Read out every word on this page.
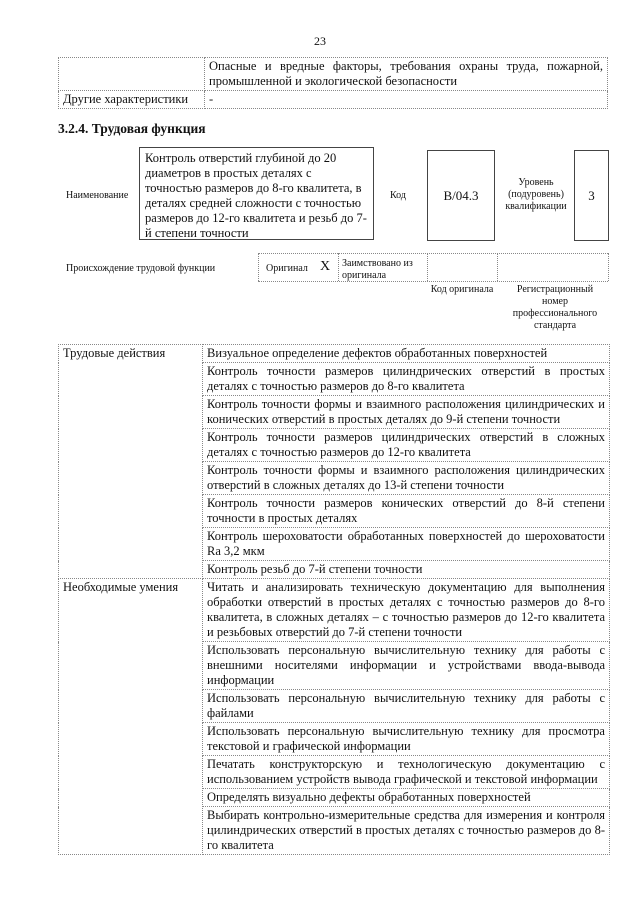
23
	Опасные и вредные факторы, требования охраны труда, пожарной, промышленной и экологической безопасности
Другие характеристики	-
3.2.4. Трудовая функция
Наименование
Контроль отверстий глубиной до 20 диаметров в простых деталях с точностью размеров до 8-го квалитета, в деталях средней сложности с точностью размеров до 12-го квалитета и резьб до 7-й степени точности
Код	В/04.3
Уровень (подуровень) квалификации
3
Происхождение трудовой функции	Оригинал X Заимствовано из оригинала
Код оригинала	Регистрационный номер профессионального стандарта
Трудовые действия	Визуальное определение дефектов обработанных поверхностей
	Контроль точности размеров цилиндрических отверстий в простых деталях с точностью размеров до 8-го квалитета
	Контроль точности формы и взаимного расположения цилиндрических и конических отверстий в простых деталях до 9-й степени точности
	Контроль точности размеров цилиндрических отверстий в сложных деталях с точностью размеров до 12-го квалитета
	Контроль точности формы и взаимного расположения цилиндрических отверстий в сложных деталях до 13-й степени точности
	Контроль точности размеров конических отверстий до 8-й степени точности в простых деталях
	Контроль шероховатости обработанных поверхностей до шероховатости Ra 3,2 мкм
	Контроль резьб до 7-й степени точности
Необходимые умения	Читать и анализировать техническую документацию для выполнения обработки отверстий в простых деталях с точностью размеров до 8-го квалитета, в сложных деталях – с точностью размеров до 12-го квалитета и резьбовых отверстий до 7-й степени точности
	Использовать персональную вычислительную технику для работы с внешними носителями информации и устройствами ввода-вывода информации
	Использовать персональную вычислительную технику для работы с файлами
	Использовать персональную вычислительную технику для просмотра текстовой и графической информации
	Печатать конструкторскую и технологическую документацию с использованием устройств вывода графической и текстовой информации
	Определять визуально дефекты обработанных поверхностей
	Выбирать контрольно-измерительные средства для измерения и контроля цилиндрических отверстий в простых деталях с точностью размеров до 8-го квалитета
